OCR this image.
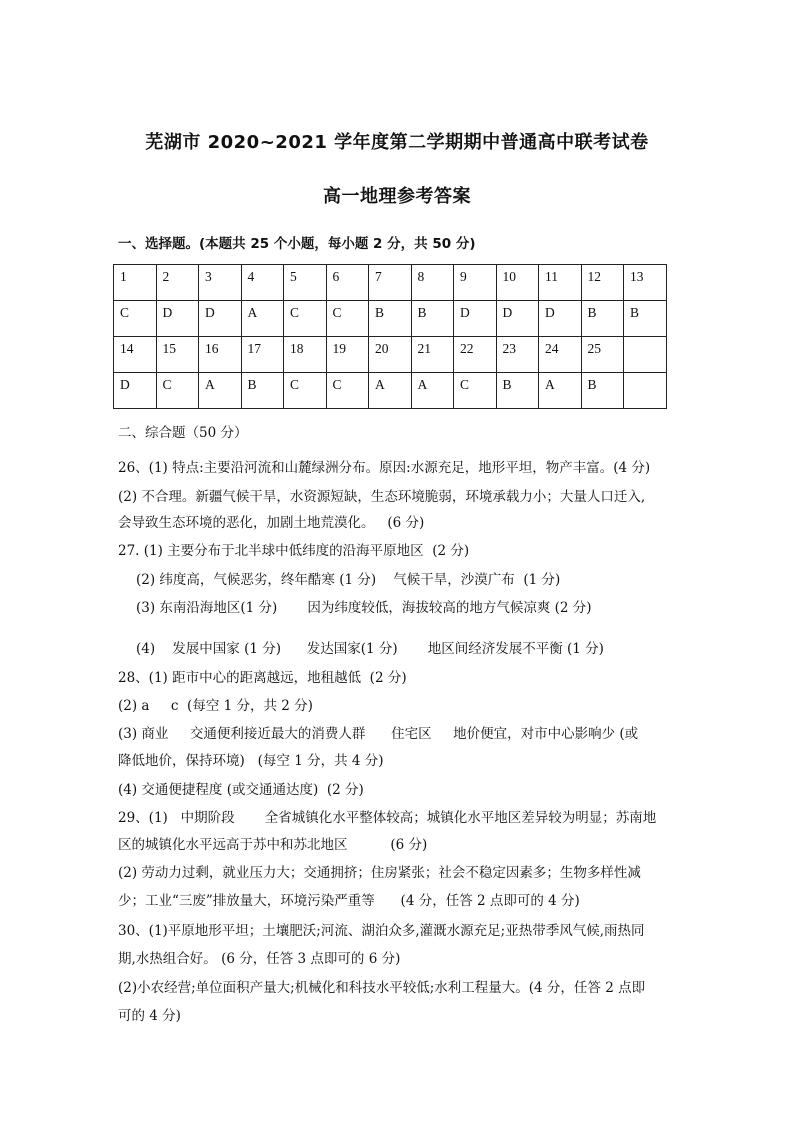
芜湖市 2020~2021 学年度第二学期期中普通高中联考试卷
高一地理参考答案
一、选择题。(本题共 25 个小题，每小题 2 分，共 50 分)
1	2	3	4	5	6	7	8	9	10	11	12	13
C	D	D	A	C	C	B	B	D	D	D	B	B
14	15	16	17	18	19	20	21	22	23	24	25	
D	C	A	B	C	C	A	A	C	B	A	B	
二、综合题（50 分）
26、(1) 特点:主要沿河流和山麓绿洲分布。原因:水源充足，地形平坦，物产丰富。(4 分)
(2) 不合理。新疆气候干旱，水资源短缺，生态环境脆弱，环境承载力小；大量人口迁入,
会导致生态环境的恶化，加剧土地荒漠化。   (6 分)
27. (1) 主要分布于北半球中低纬度的沿海平原地区  (2 分)
(2) 纬度高，气候恶劣，终年酷寒 (1 分)    气候干旱，沙漠广布  (1 分)
(3) 东南沿海地区(1 分)       因为纬度较低，海拔较高的地方气候凉爽 (2 分)
(4)    发展中国家 (1 分)      发达国家(1 分)       地区间经济发展不平衡 (1 分)
28、(1) 距市中心的距离越远，地租越低  (2 分)
(2) a     c  (每空 1 分，共 2 分)
(3) 商业     交通便利接近最大的消费人群      住宅区     地价便宜，对市中心影响少 (或
降低地价，保持环境)   (每空 1 分，共 4 分)
(4) 交通便捷程度 (或交通通达度)  (2 分)
29、(1)   中期阶段       全省城镇化水平整体较高；城镇化水平地区差异较为明显；苏南地
区的城镇化水平远高于苏中和苏北地区          (6 分)
(2) 劳动力过剩，就业压力大；交通拥挤；住房紧张；社会不稳定因素多；生物多样性减
少；工业“三废”排放量大，环境污染严重等      (4 分，任答 2 点即可的 4 分)
30、(1)平原地形平坦；土壤肥沃;河流、湖泊众多,灌溉水源充足;亚热带季风气候,雨热同
期,水热组合好。 (6 分，任答 3 点即可的 6 分)
(2)小农经营;单位面积产量大;机械化和科技水平较低;水利工程量大。(4 分，任答 2 点即
可的 4 分)
